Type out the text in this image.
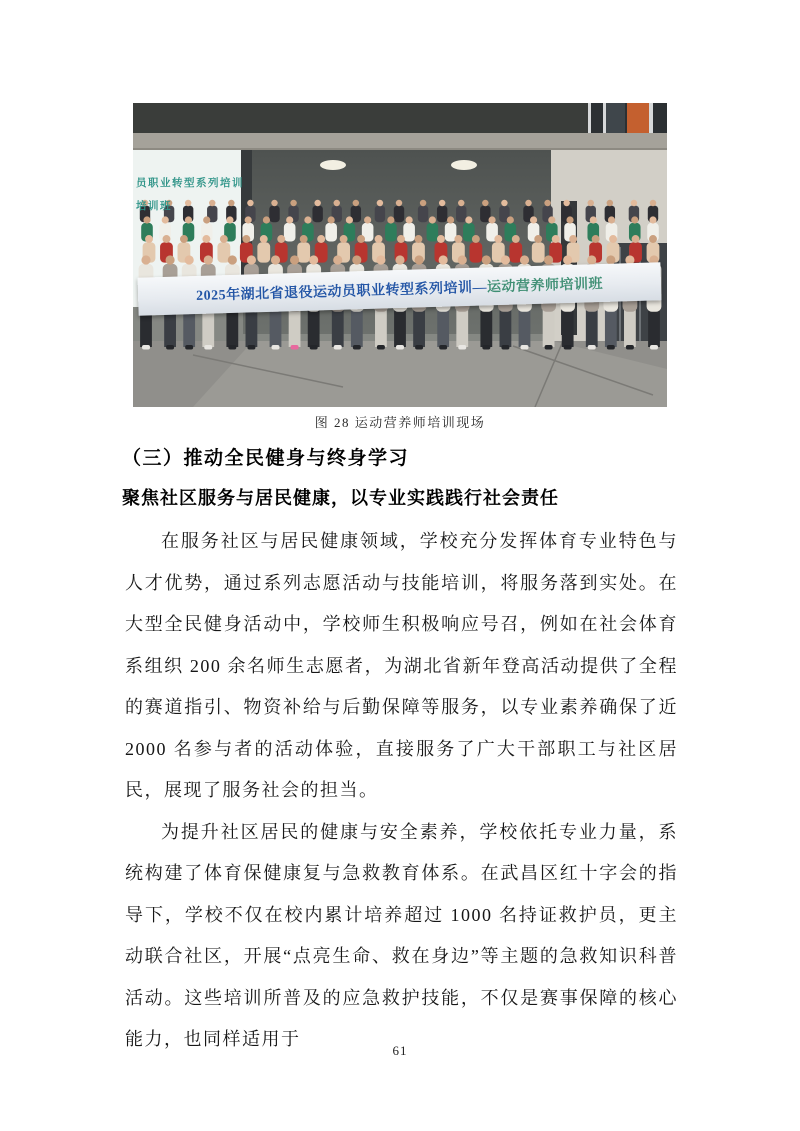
员职业转型系列培训
培训班
2025年湖北省退役运动员职业转型系列培训— 运动营养师培训班
图 28 运动营养师培训现场
（三）推动全民健身与终身学习
聚焦社区服务与居民健康，以专业实践践行社会责任

在服务社区与居民健康领域，学校充分发挥体育专业特色与人才优势，通过系列志愿活动与技能培训，将服务落到实处。在大型全民健身活动中，学校师生积极响应号召，例如在社会体育系组织 200 余名师生志愿者，为湖北省新年登高活动提供了全程的赛道指引、物资补给与后勤保障等服务，以专业素养确保了近 2000 名参与者的活动体验，直接服务了广大干部职工与社区居民，展现了服务社会的担当。

为提升社区居民的健康与安全素养，学校依托专业力量，系统构建了体育保健康复与急救教育体系。在武昌区红十字会的指导下，学校不仅在校内累计培养超过 1000 名持证救护员，更主动联合社区，开展“点亮生命、救在身边”等主题的急救知识科普活动。这些培训所普及的应急救护技能，不仅是赛事保障的核心能力，也同样适用于

61
